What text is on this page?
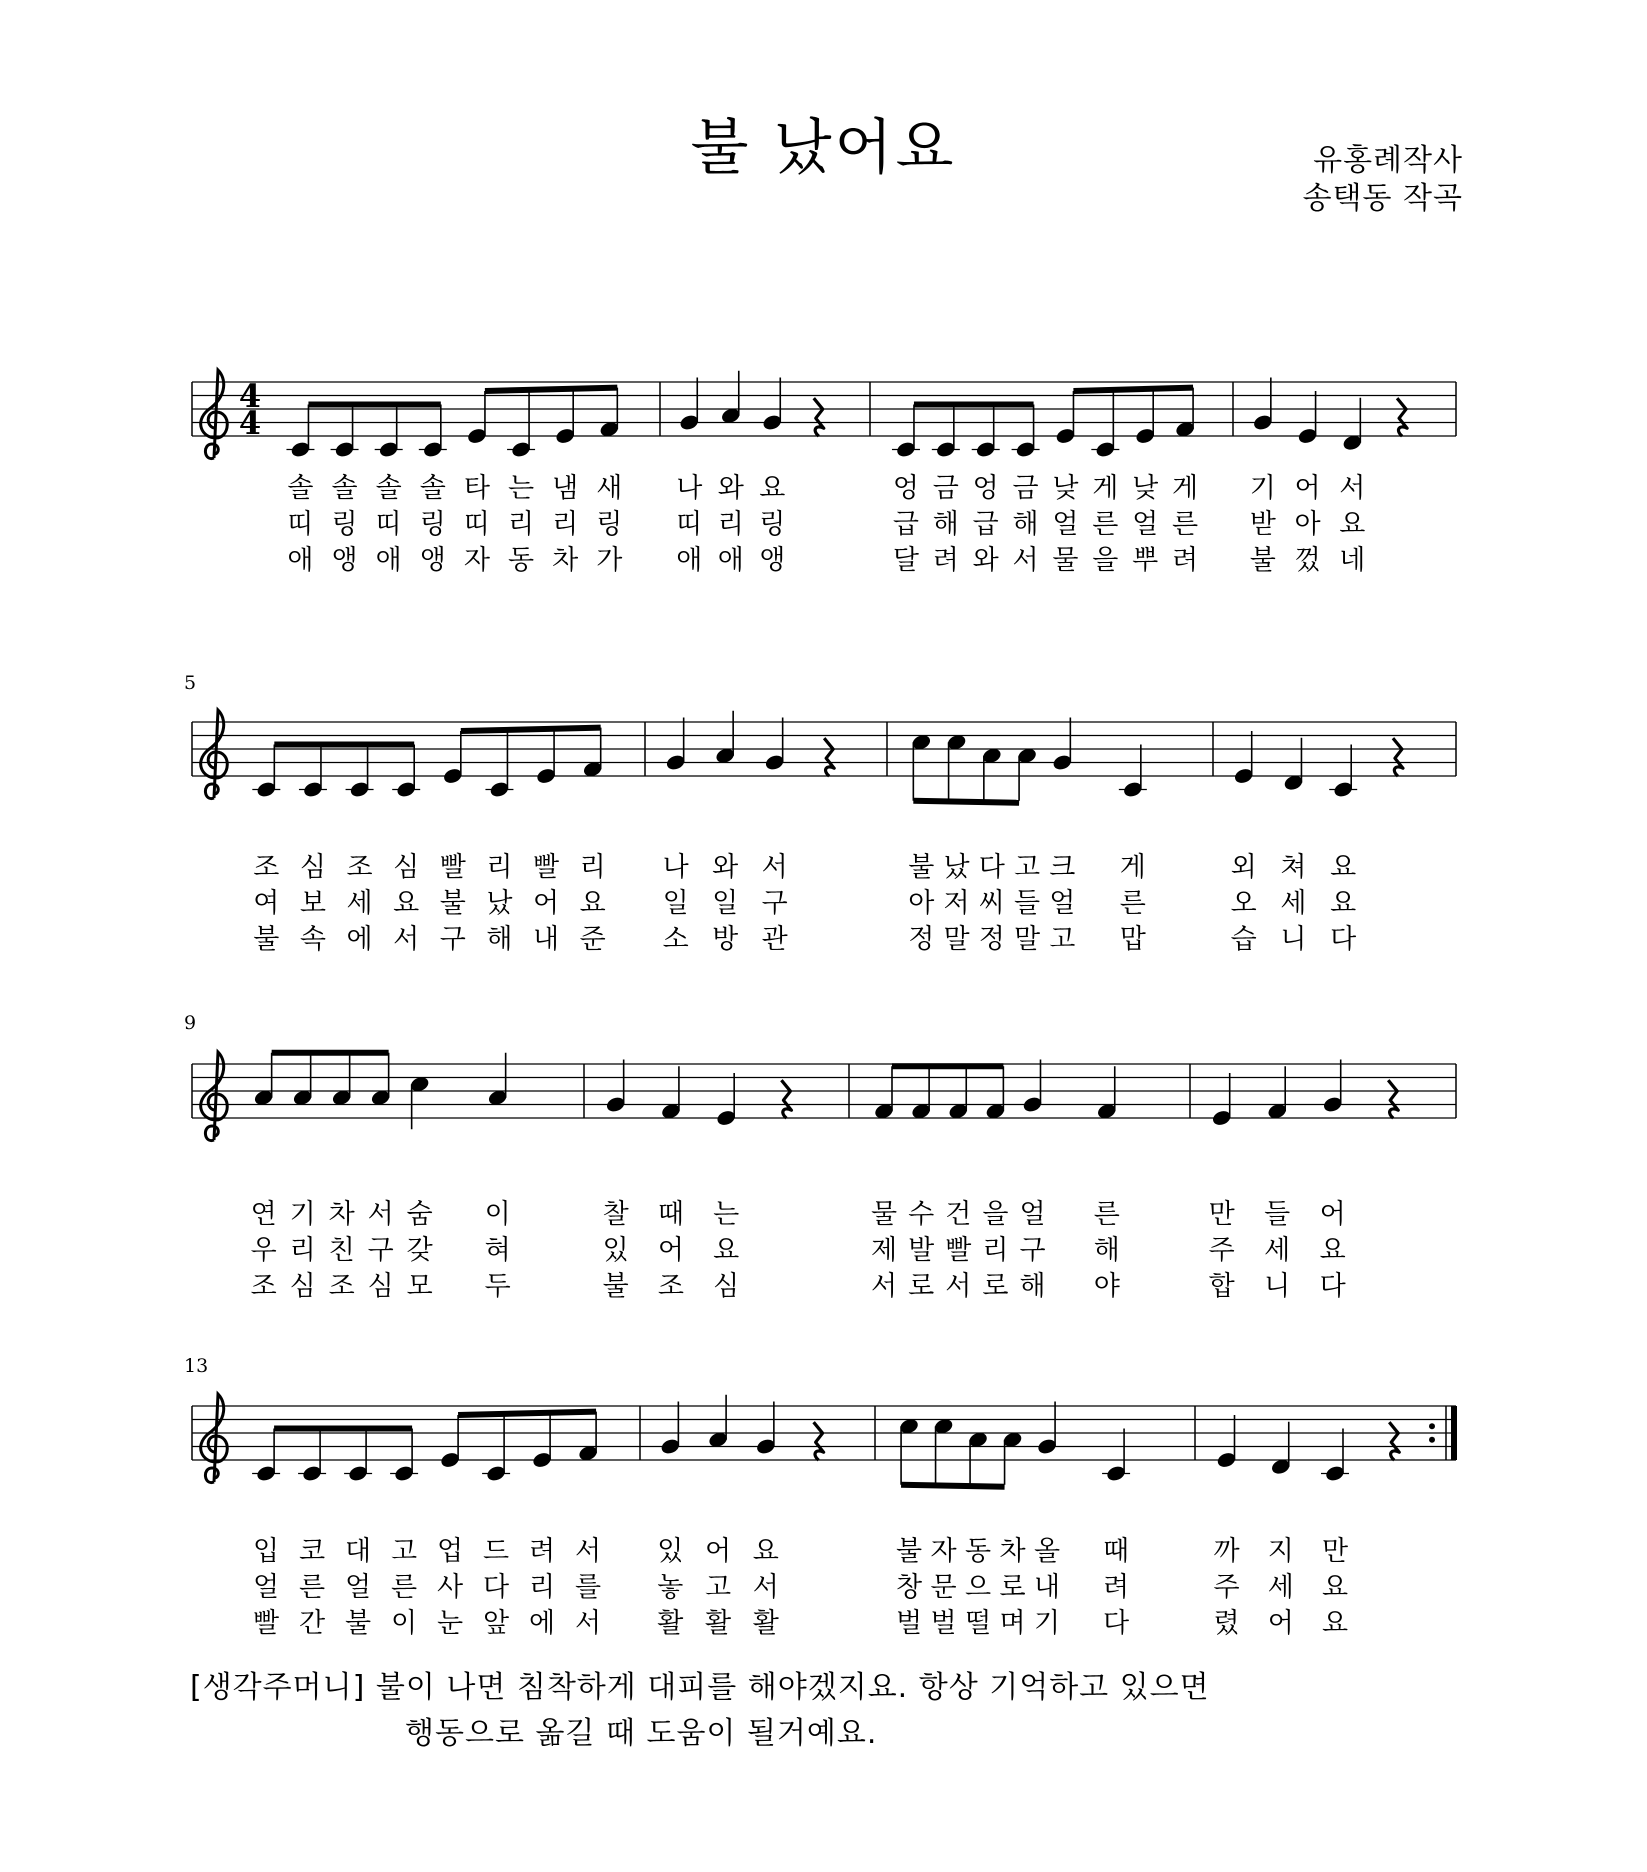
불 났어요	유홍례작사
송택동 작곡
4
4
솔 솔 솔 솔 타 는 냄 새
띠 링 띠 링 띠 리 리 링
애 앵 애 앵 자 동 차 가
나 와 요
띠 리 링
애 애 앵
엉 금 엉 금 낮 게 낮 게
급 해 급 해 얼 른 얼 른
달 려 와 서 물 을 뿌 려
기 어 서
받 아 요
불 껐 네
5
조 심 조 심 빨 리 빨 리
여 보 세 요 불 났 어 요
불 속 에 서 구 해 내 준
나 와 서
일 일 구
소 방 관
불 났 다 고 크 게
아 저 씨 들 얼 른
정 말 정 말 고 맙
외 쳐 요
오 세 요
습 니 다
9
연 기 차 서 숨 이
우 리 친 구 갖 혀
조 심 조 심 모 두
찰 때 는
있 어 요
불 조 심
물 수 건 을 얼 른
제 발 빨 리 구 해
서 로 서 로 해 야
만 들 어
주 세 요
합 니 다
13
입 코 대 고 업 드 려 서
얼 른 얼 른 사 다 리 를
빨 간 불 이 눈 앞 에 서
있 어 요
놓 고 서
활 활 활
불 자 동 차 올 때
창 문 으 로 내 려
벌 벌 떨 며 기 다
까 지 만
주 세 요
렸 어 요
[생각주머니] 불이 나면 침착하게 대피를 해야겠지요. 항상 기억하고 있으면
행동으로 옮길 때 도움이 될거예요.
